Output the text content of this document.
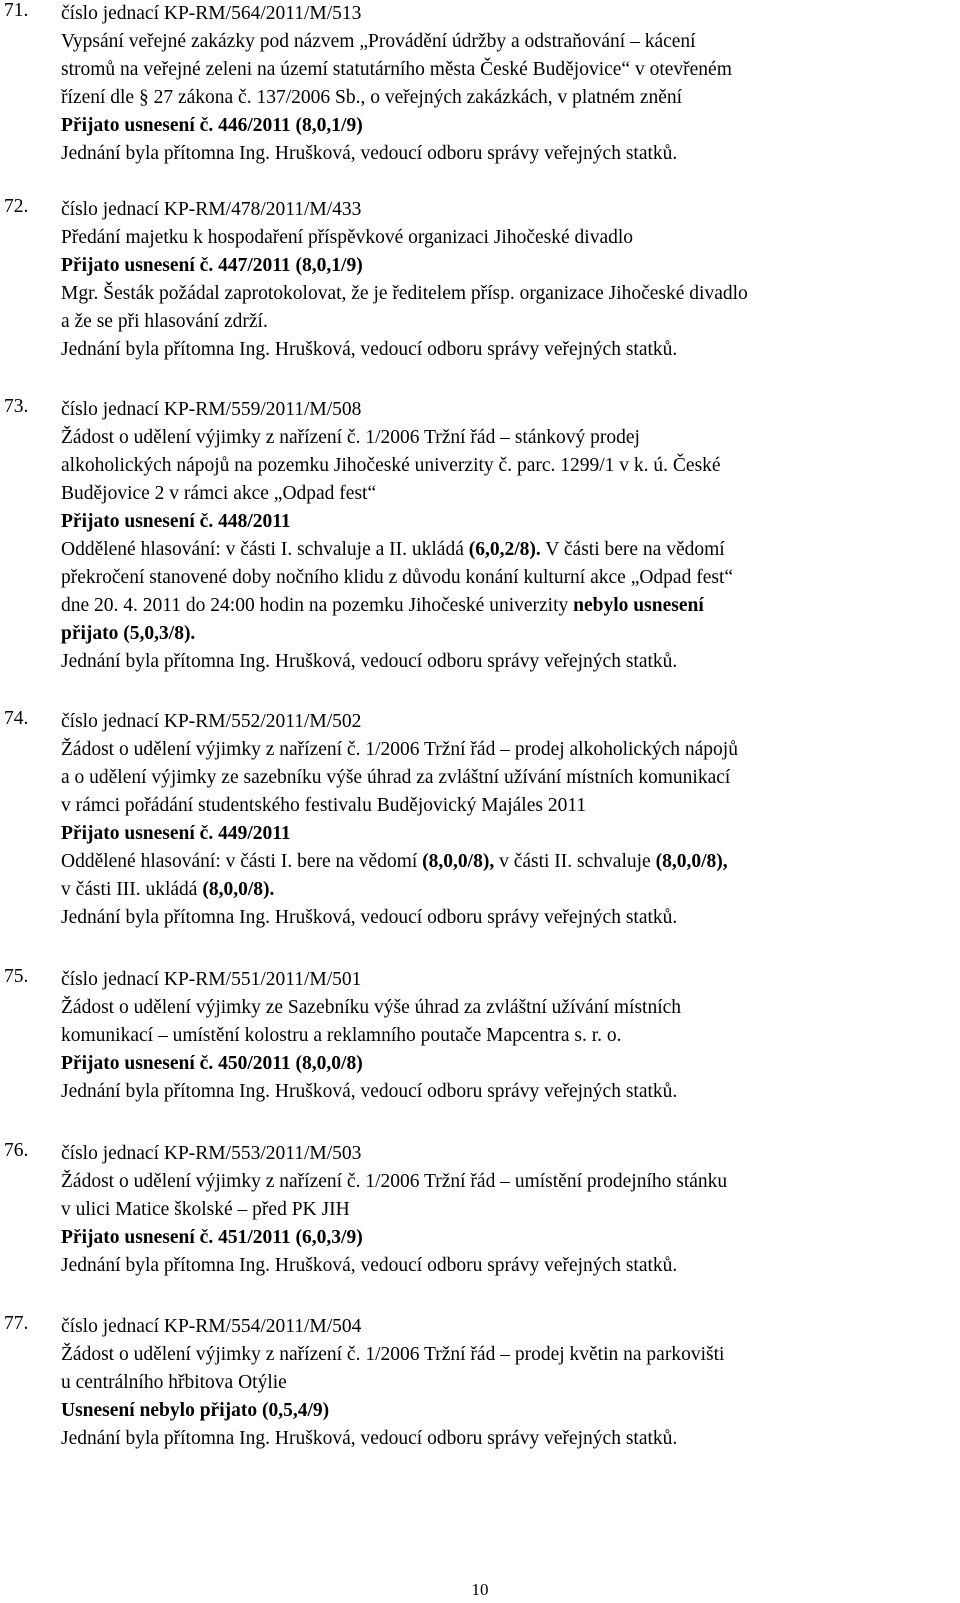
71.	číslo jednací KP-RM/564/2011/M/513
Vypsání veřejné zakázky pod názvem „Provádění údržby a odstraňování – kácení
stromů na veřejné zeleni na území statutárního města České Budějovice“ v otevřeném
řízení dle § 27 zákona č. 137/2006 Sb., o veřejných zakázkách, v platném znění
Přijato usnesení č. 446/2011 (8,0,1/9)
Jednání byla přítomna Ing. Hrušková, vedoucí odboru správy veřejných statků.
72.	číslo jednací KP-RM/478/2011/M/433
Předání majetku k hospodaření příspěvkové organizaci Jihočeské divadlo
Přijato usnesení č. 447/2011 (8,0,1/9)
Mgr. Šesták požádal zaprotokolovat, že je ředitelem přísp. organizace Jihočeské divadlo
a že se při hlasování zdrží.
Jednání byla přítomna Ing. Hrušková, vedoucí odboru správy veřejných statků.
73.	číslo jednací KP-RM/559/2011/M/508
Žádost o udělení výjimky z nařízení č. 1/2006 Tržní řád – stánkový prodej
alkoholických nápojů na pozemku Jihočeské univerzity č. parc. 1299/1 v k. ú. České
Budějovice 2 v rámci akce „Odpad fest“
Přijato usnesení č. 448/2011
Oddělené hlasování: v části I. schvaluje a II. ukládá (6,0,2/8). V části bere na vědomí
překročení stanovené doby nočního klidu z důvodu konání kulturní akce „Odpad fest“
dne 20. 4. 2011 do 24:00 hodin na pozemku Jihočeské univerzity nebylo usnesení
přijato (5,0,3/8).
Jednání byla přítomna Ing. Hrušková, vedoucí odboru správy veřejných statků.
74.	číslo jednací KP-RM/552/2011/M/502
Žádost o udělení výjimky z nařízení č. 1/2006 Tržní řád – prodej alkoholických nápojů
a o udělení výjimky ze sazebníku výše úhrad za zvláštní užívání místních komunikací
v rámci pořádání studentského festivalu Budějovický Majáles 2011
Přijato usnesení č. 449/2011
Oddělené hlasování: v části I. bere na vědomí (8,0,0/8), v části II. schvaluje (8,0,0/8),
v části III. ukládá (8,0,0/8).
Jednání byla přítomna Ing. Hrušková, vedoucí odboru správy veřejných statků.
75.	číslo jednací KP-RM/551/2011/M/501
Žádost o udělení výjimky ze Sazebníku výše úhrad za zvláštní užívání místních
komunikací – umístění kolostru a reklamního poutače Mapcentra s. r. o.
Přijato usnesení č. 450/2011 (8,0,0/8)
Jednání byla přítomna Ing. Hrušková, vedoucí odboru správy veřejných statků.
76.	číslo jednací KP-RM/553/2011/M/503
Žádost o udělení výjimky z nařízení č. 1/2006 Tržní řád – umístění prodejního stánku
v ulici Matice školské – před PK JIH
Přijato usnesení č. 451/2011 (6,0,3/9)
Jednání byla přítomna Ing. Hrušková, vedoucí odboru správy veřejných statků.
77.	číslo jednací KP-RM/554/2011/M/504
Žádost o udělení výjimky z nařízení č. 1/2006 Tržní řád – prodej květin na parkovišti
u centrálního hřbitova Otýlie
Usnesení nebylo přijato (0,5,4/9)
Jednání byla přítomna Ing. Hrušková, vedoucí odboru správy veřejných statků.
10
